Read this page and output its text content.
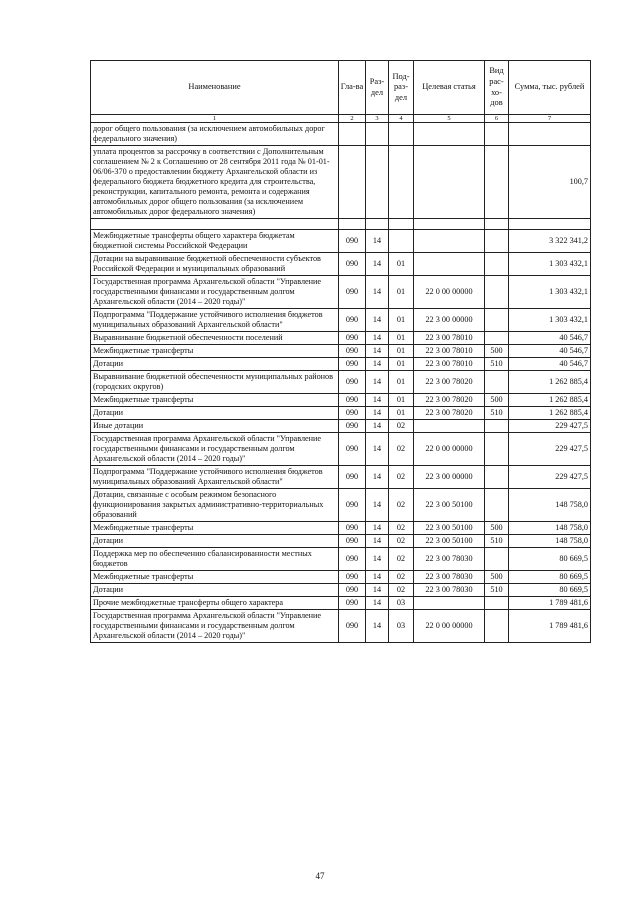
Наименование	Гла-ва	Раз-дел	Под-раз-дел	Целевая статья	Вид рас-хо-дов	Сумма, тыс. рублей
1	2	3	4	5	6	7
дорог общего пользования (за исключением автомобильных дорог федерального значения)						
уплата процентов за рассрочку в соответствии с Дополнительным соглашением № 2 к Соглашению от 28 сентября 2011 года № 01-01-06/06-370 о предоставлении бюджету Архангельской области из федерального бюджета бюджетного кредита для строительства, реконструкции, капитального ремонта, ремонта и содержания автомобильных дорог общего пользования (за исключением автомобильных дорог федерального значения)						100,7

Межбюджетные трансферты общего характера бюджетам бюджетной системы Российской Федерации	090	14				3 322 341,2
Дотации на выравнивание бюджетной обеспеченности субъектов Российской Федерации и муниципальных образований	090	14	01			1 303 432,1
Государственная программа Архангельской области "Управление государственными финансами и государственным долгом Архангельской области (2014 – 2020 годы)"	090	14	01	22 0 00 00000		1 303 432,1
Подпрограмма "Поддержание устойчивого исполнения бюджетов муниципальных образований Архангельской области"	090	14	01	22 3 00 00000		1 303 432,1
Выравнивание бюджетной обеспеченности поселений	090	14	01	22 3 00 78010		40 546,7
Межбюджетные трансферты	090	14	01	22 3 00 78010	500	40 546,7
Дотации	090	14	01	22 3 00 78010	510	40 546,7
Выравнивание бюджетной обеспеченности муниципальных районов (городских округов)	090	14	01	22 3 00 78020		1 262 885,4
Межбюджетные трансферты	090	14	01	22 3 00 78020	500	1 262 885,4
Дотации	090	14	01	22 3 00 78020	510	1 262 885,4
Иные дотации	090	14	02			229 427,5
Государственная программа Архангельской области "Управление государственными финансами и государственным долгом Архангельской области (2014 – 2020 годы)"	090	14	02	22 0 00 00000		229 427,5
Подпрограмма "Поддержание устойчивого исполнения бюджетов муниципальных образований Архангельской области"	090	14	02	22 3 00 00000		229 427,5
Дотации, связанные с особым режимом безопасного функционирования закрытых административно-территориальных образований	090	14	02	22 3 00 50100		148 758,0
Межбюджетные трансферты	090	14	02	22 3 00 50100	500	148 758,0
Дотации	090	14	02	22 3 00 50100	510	148 758,0
Поддержка мер по обеспечению сбалансированности местных бюджетов	090	14	02	22 3 00 78030		80 669,5
Межбюджетные трансферты	090	14	02	22 3 00 78030	500	80 669,5
Дотации	090	14	02	22 3 00 78030	510	80 669,5
Прочие межбюджетные трансферты общего характера	090	14	03			1 789 481,6
Государственная программа Архангельской области "Управление государственными финансами и государственным долгом Архангельской области (2014 – 2020 годы)"	090	14	03	22 0 00 00000		1 789 481,6
47
